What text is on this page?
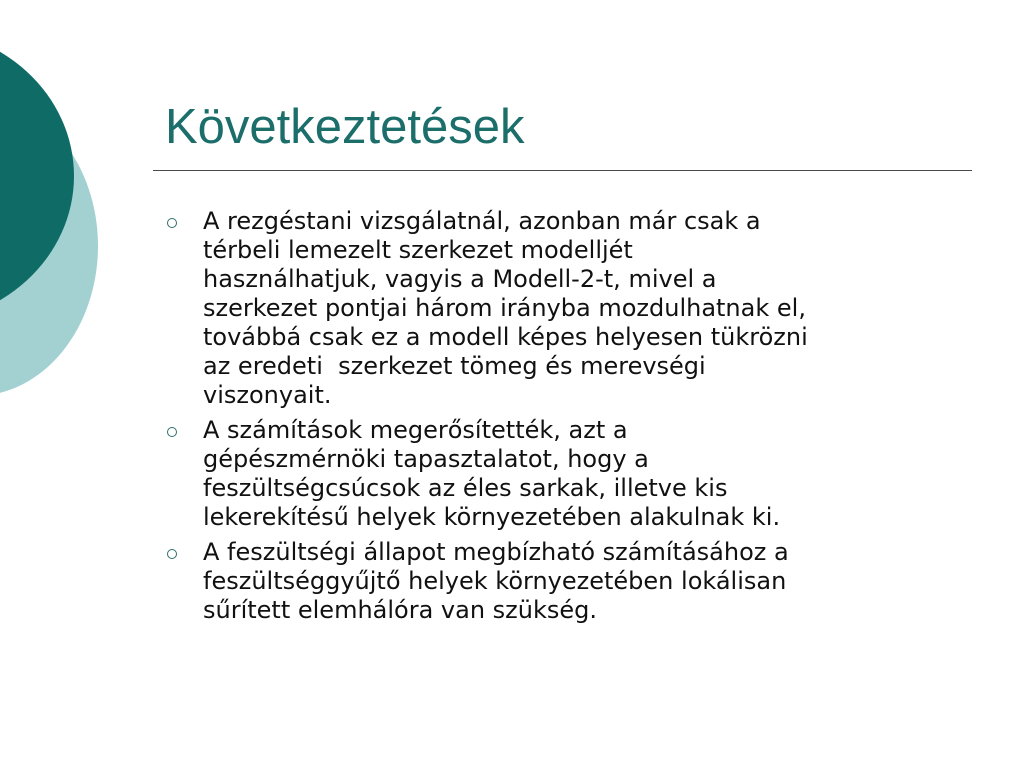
Következtetések
A rezgéstani vizsgálatnál, azonban már csak a
térbeli lemezelt szerkezet modelljét
használhatjuk, vagyis a Modell-2-t, mivel a
szerkezet pontjai három irányba mozdulhatnak el,
továbbá csak ez a modell képes helyesen tükrözni
az eredeti  szerkezet tömeg és merevségi
viszonyait.
A számítások megerősítették, azt a
gépészmérnöki tapasztalatot, hogy a
feszültségcsúcsok az éles sarkak, illetve kis
lekerekítésű helyek környezetében alakulnak ki.
A feszültségi állapot megbízható számításához a
feszültséggyűjtő helyek környezetében lokálisan
sűrített elemhálóra van szükség.
